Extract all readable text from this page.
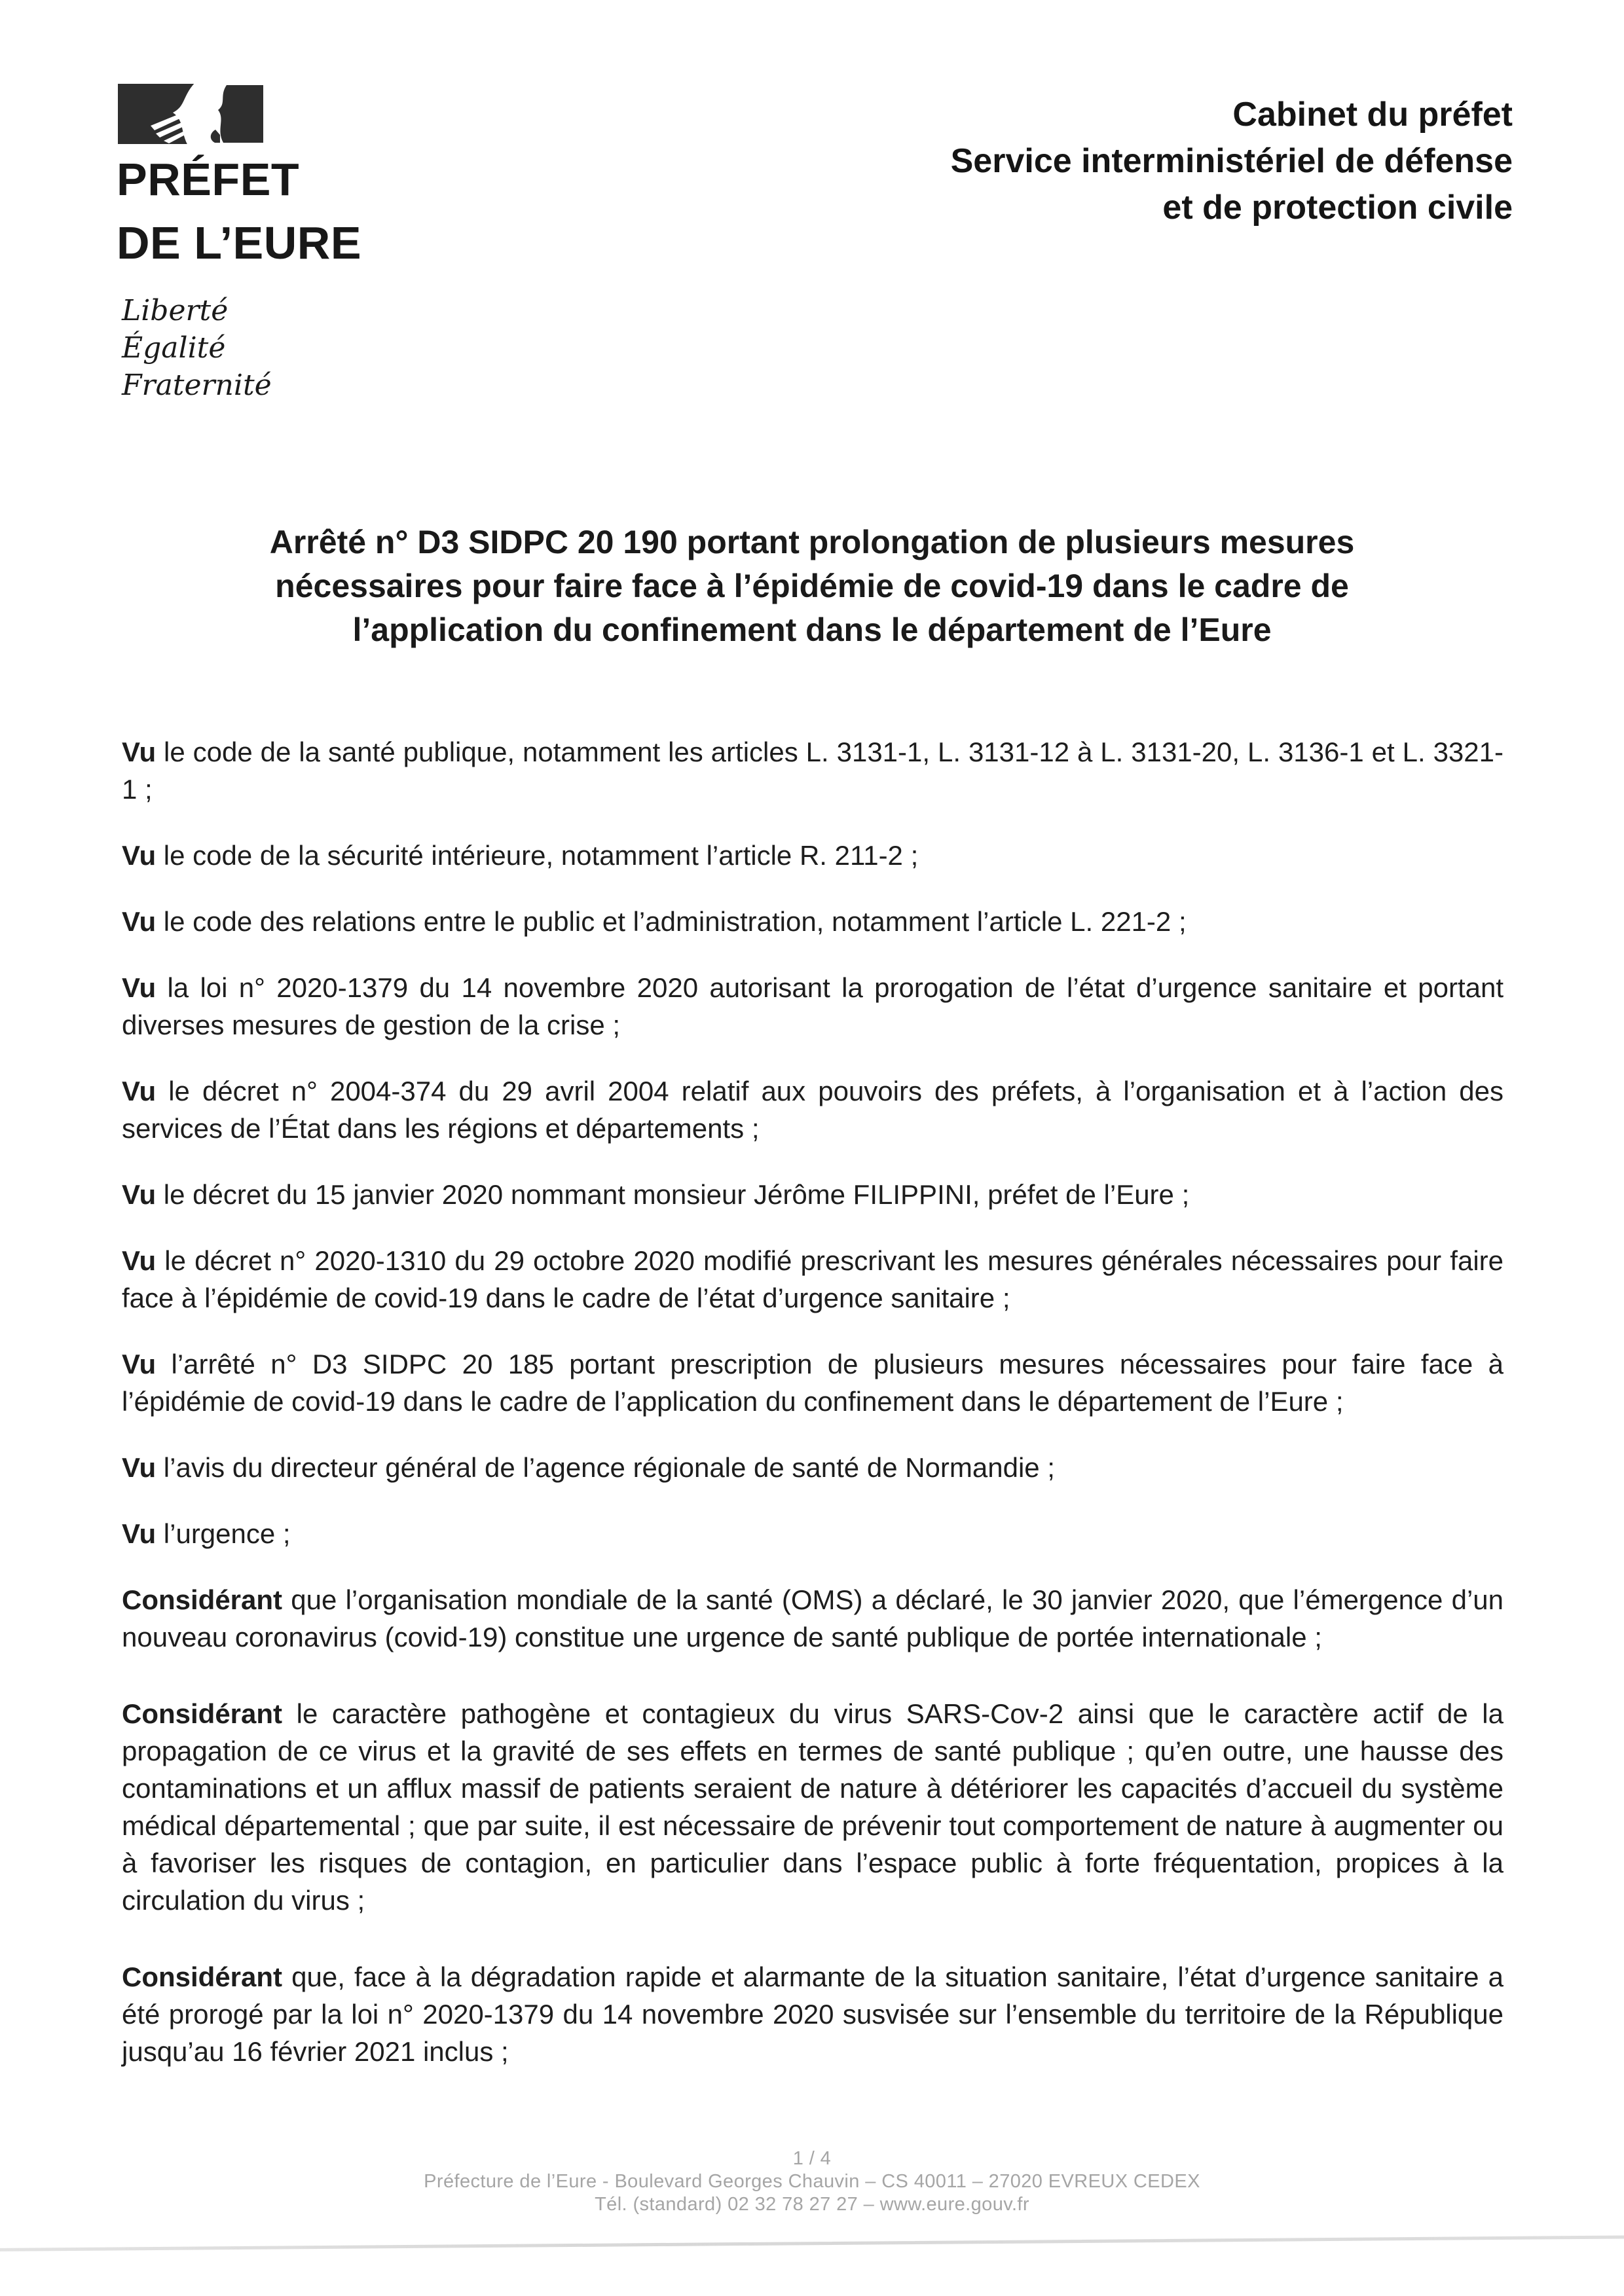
PRÉFET
DE L’EURE
Liberté
Égalité
Fraternité
Cabinet du préfet
Service interministériel de défense
et de protection civile
Arrêté n° D3 SIDPC 20 190 portant prolongation de plusieurs mesures
nécessaires pour faire face à l’épidémie de covid-19 dans le cadre de
l’application du confinement dans le département de l’Eure

Vu le code de la santé publique, notamment les articles L. 3131-1, L. 3131-12 à L. 3131-20, L. 3136-1 et L. 3321-1 ;

Vu le code de la sécurité intérieure, notamment l’article R. 211-2 ;

Vu le code des relations entre le public et l’administration, notamment l’article L. 221-2 ;

Vu la loi n° 2020-1379 du 14 novembre 2020 autorisant la prorogation de l’état d’urgence sanitaire et portant diverses mesures de gestion de la crise ;

Vu le décret n° 2004-374 du 29 avril 2004 relatif aux pouvoirs des préfets, à l’organisation et à l’action des services de l’État dans les régions et départements ;

Vu le décret du 15 janvier 2020 nommant monsieur Jérôme FILIPPINI, préfet de l’Eure ;

Vu le décret n° 2020-1310 du 29 octobre 2020 modifié prescrivant les mesures générales nécessaires pour faire face à l’épidémie de covid-19 dans le cadre de l’état d’urgence sanitaire ;

Vu l’arrêté n° D3 SIDPC 20 185 portant prescription de plusieurs mesures nécessaires pour faire face à l’épidémie de covid-19 dans le cadre de l’application du confinement dans le département de l’Eure ;

Vu l’avis du directeur général de l’agence régionale de santé de Normandie ;

Vu l’urgence ;

Considérant que l’organisation mondiale de la santé (OMS) a déclaré, le 30 janvier 2020, que l’émergence d’un nouveau coronavirus (covid-19) constitue une urgence de santé publique de portée internationale ;

Considérant le caractère pathogène et contagieux du virus SARS-Cov-2 ainsi que le caractère actif de la propagation de ce virus et la gravité de ses effets en termes de santé publique ; qu’en outre, une hausse des contaminations et un afflux massif de patients seraient de nature à détériorer les capacités d’accueil du système médical départemental ; que par suite, il est nécessaire de prévenir tout comportement de nature à augmenter ou à favoriser les risques de contagion, en particulier dans l’espace public à forte fréquentation, propices à la circulation du virus ;

Considérant que, face à la dégradation rapide et alarmante de la situation sanitaire, l’état d’urgence sanitaire a été prorogé par la loi n° 2020-1379 du 14 novembre 2020 susvisée sur l’ensemble du territoire de la République jusqu’au 16 février 2021 inclus ;

1 / 4
Préfecture de l’Eure - Boulevard Georges Chauvin – CS 40011 – 27020 EVREUX CEDEX
Tél. (standard) 02 32 78 27 27 – www.eure.gouv.fr
